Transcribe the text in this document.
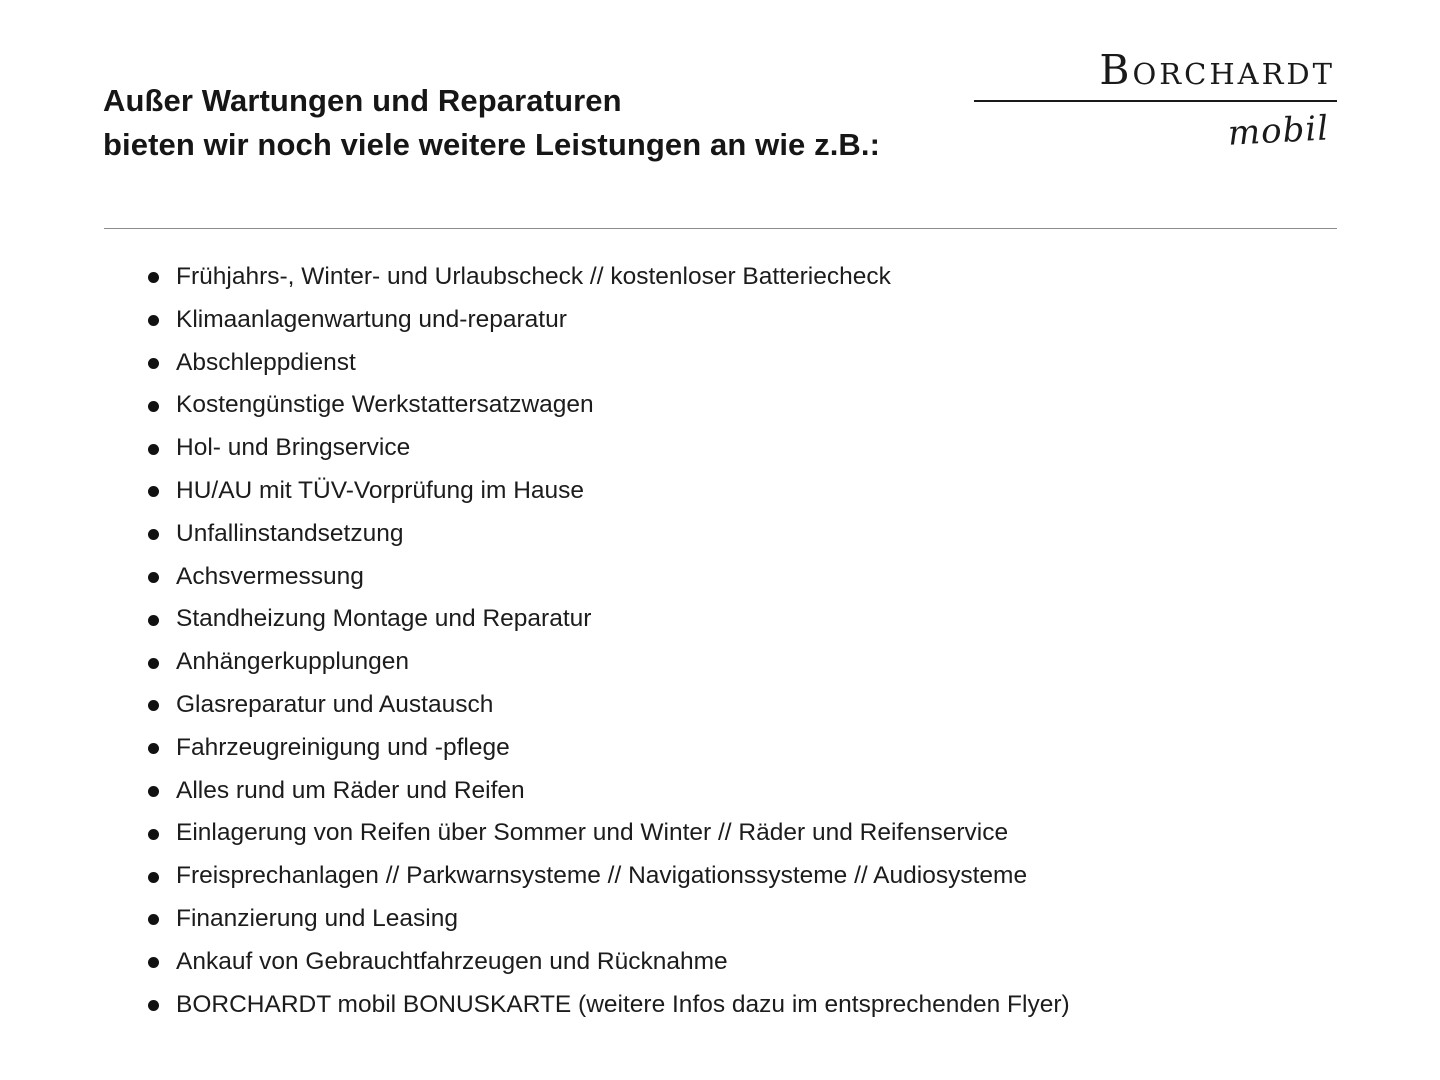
Außer Wartungen und Reparaturen
bieten wir noch viele weitere Leistungen an wie z.B.:
Borchardt
mobil
Frühjahrs-, Winter- und Urlaubscheck // kostenloser Batteriecheck
Klimaanlagenwartung und-reparatur
Abschleppdienst
Kostengünstige Werkstattersatzwagen
Hol- und Bringservice
HU/AU mit TÜV-Vorprüfung im Hause
Unfallinstandsetzung
Achsvermessung
Standheizung Montage und Reparatur
Anhängerkupplungen
Glasreparatur und Austausch
Fahrzeugreinigung und -pflege
Alles rund um Räder und Reifen
Einlagerung von Reifen über Sommer und Winter // Räder und Reifenservice
Freisprechanlagen // Parkwarnsysteme // Navigationssysteme // Audiosysteme
Finanzierung und Leasing
Ankauf von Gebrauchtfahrzeugen und Rücknahme
BORCHARDT mobil BONUSKARTE (weitere Infos dazu im entsprechenden Flyer)
